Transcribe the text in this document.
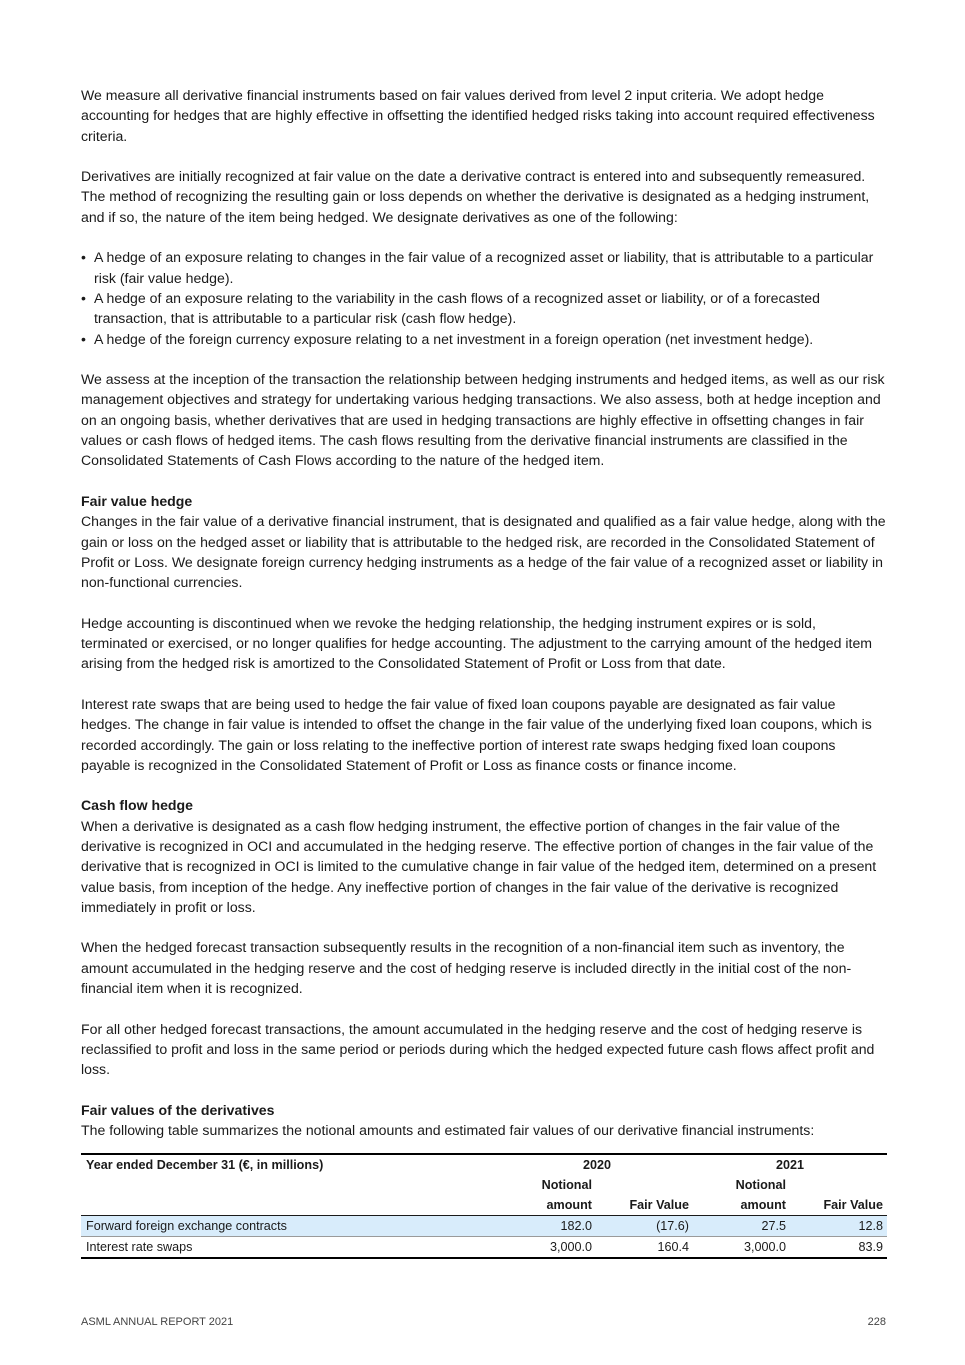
We measure all derivative financial instruments based on fair values derived from level 2 input criteria. We adopt hedge accounting for hedges that are highly effective in offsetting the identified hedged risks taking into account required effectiveness criteria.

Derivatives are initially recognized at fair value on the date a derivative contract is entered into and subsequently remeasured. The method of recognizing the resulting gain or loss depends on whether the derivative is designated as a hedging instrument, and if so, the nature of the item being hedged. We designate derivatives as one of the following:

• A hedge of an exposure relating to changes in the fair value of a recognized asset or liability, that is attributable to a particular risk (fair value hedge).
• A hedge of an exposure relating to the variability in the cash flows of a recognized asset or liability, or of a forecasted transaction, that is attributable to a particular risk (cash flow hedge).
• A hedge of the foreign currency exposure relating to a net investment in a foreign operation (net investment hedge).

We assess at the inception of the transaction the relationship between hedging instruments and hedged items, as well as our risk management objectives and strategy for undertaking various hedging transactions. We also assess, both at hedge inception and on an ongoing basis, whether derivatives that are used in hedging transactions are highly effective in offsetting changes in fair values or cash flows of hedged items. The cash flows resulting from the derivative financial instruments are classified in the Consolidated Statements of Cash Flows according to the nature of the hedged item.

Fair value hedge

Changes in the fair value of a derivative financial instrument, that is designated and qualified as a fair value hedge, along with the gain or loss on the hedged asset or liability that is attributable to the hedged risk, are recorded in the Consolidated Statement of Profit or Loss. We designate foreign currency hedging instruments as a hedge of the fair value of a recognized asset or liability in non-functional currencies.

Hedge accounting is discontinued when we revoke the hedging relationship, the hedging instrument expires or is sold, terminated or exercised, or no longer qualifies for hedge accounting. The adjustment to the carrying amount of the hedged item arising from the hedged risk is amortized to the Consolidated Statement of Profit or Loss from that date.

Interest rate swaps that are being used to hedge the fair value of fixed loan coupons payable are designated as fair value hedges. The change in fair value is intended to offset the change in the fair value of the underlying fixed loan coupons, which is recorded accordingly. The gain or loss relating to the ineffective portion of interest rate swaps hedging fixed loan coupons payable is recognized in the Consolidated Statement of Profit or Loss as finance costs or finance income.

Cash flow hedge

When a derivative is designated as a cash flow hedging instrument, the effective portion of changes in the fair value of the derivative is recognized in OCI and accumulated in the hedging reserve. The effective portion of changes in the fair value of the derivative that is recognized in OCI is limited to the cumulative change in fair value of the hedged item, determined on a present value basis, from inception of the hedge. Any ineffective portion of changes in the fair value of the derivative is recognized immediately in profit or loss.

When the hedged forecast transaction subsequently results in the recognition of a non-financial item such as inventory, the amount accumulated in the hedging reserve and the cost of hedging reserve is included directly in the initial cost of the non-financial item when it is recognized.

For all other hedged forecast transactions, the amount accumulated in the hedging reserve and the cost of hedging reserve is reclassified to profit and loss in the same period or periods during which the hedged expected future cash flows affect profit and loss.

Fair values of the derivatives

The following table summarizes the notional amounts and estimated fair values of our derivative financial instruments:

Year ended December 31 (€, in millions)	2020		2021	
	Notional		Notional	
	amount	Fair Value	amount	Fair Value
Forward foreign exchange contracts	182.0	(17.6)	27.5	12.8
Interest rate swaps	3,000.0	160.4	3,000.0	83.9
ASML ANNUAL REPORT 2021	228
